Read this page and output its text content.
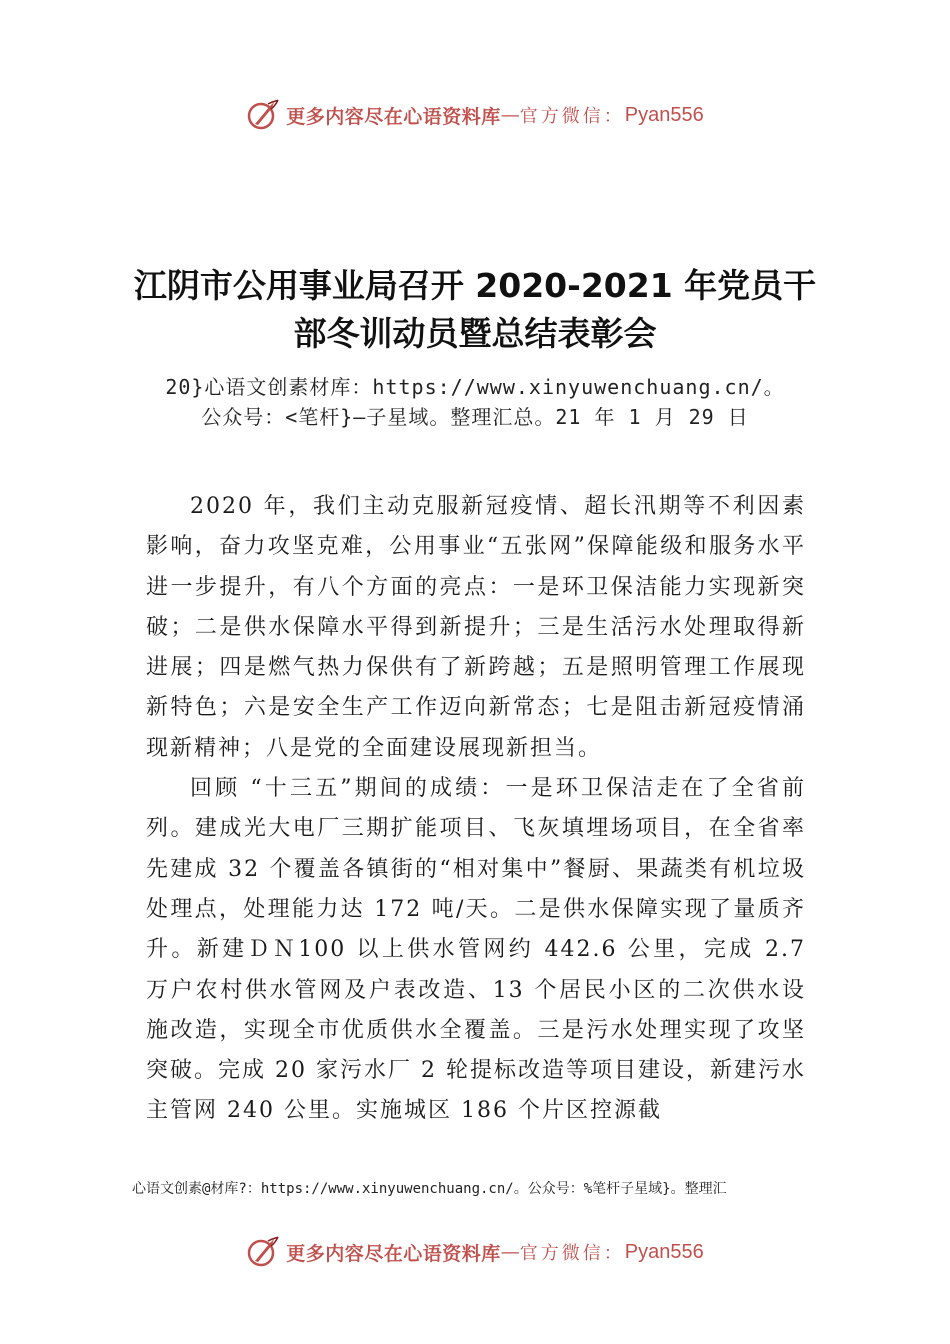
更多内容尽在心语资料库 — 官方微信： Pyan556
江阴市公用事业局召开 2020-2021 年党员干部冬训动员暨总结表彰会
20}心语文创素材库：https://www.xinyuwenchuang.cn/。
公众号：<笔杆}—子星域。整理汇总。21 年 1 月 29 日

2020 年，我们主动克服新冠疫情、超长汛期等不利因素影响，奋力攻坚克难，公用事业“五张网”保障能级和服务水平进一步提升，有八个方面的亮点：一是环卫保洁能力实现新突破；二是供水保障水平得到新提升；三是生活污水处理取得新进展；四是燃气热力保供有了新跨越；五是照明管理工作展现新特色；六是安全生产工作迈向新常态；七是阻击新冠疫情涌现新精神；八是党的全面建设展现新担当。

回顾 “十三五”期间的成绩：一是环卫保洁走在了全省前列。建成光大电厂三期扩能项目、飞灰填埋场项目，在全省率先建成 32 个覆盖各镇街的“相对集中”餐厨、果蔬类有机垃圾处理点，处理能力达 172 吨/天。二是供水保障实现了量质齐升。新建ＤＮ100 以上供水管网约 442.6 公里，完成 2.7 万户农村供水管网及户表改造、13 个居民小区的二次供水设施改造，实现全市优质供水全覆盖。三是污水处理实现了攻坚突破。完成 20 家污水厂 2 轮提标改造等项目建设，新建污水主管网 240 公里。实施城区 186 个片区控源截

心语文创素@材库?：https://www.xinyuwenchuang.cn/。公众号：%笔杆子星域}。整理汇
更多内容尽在心语资料库 — 官方微信： Pyan556
